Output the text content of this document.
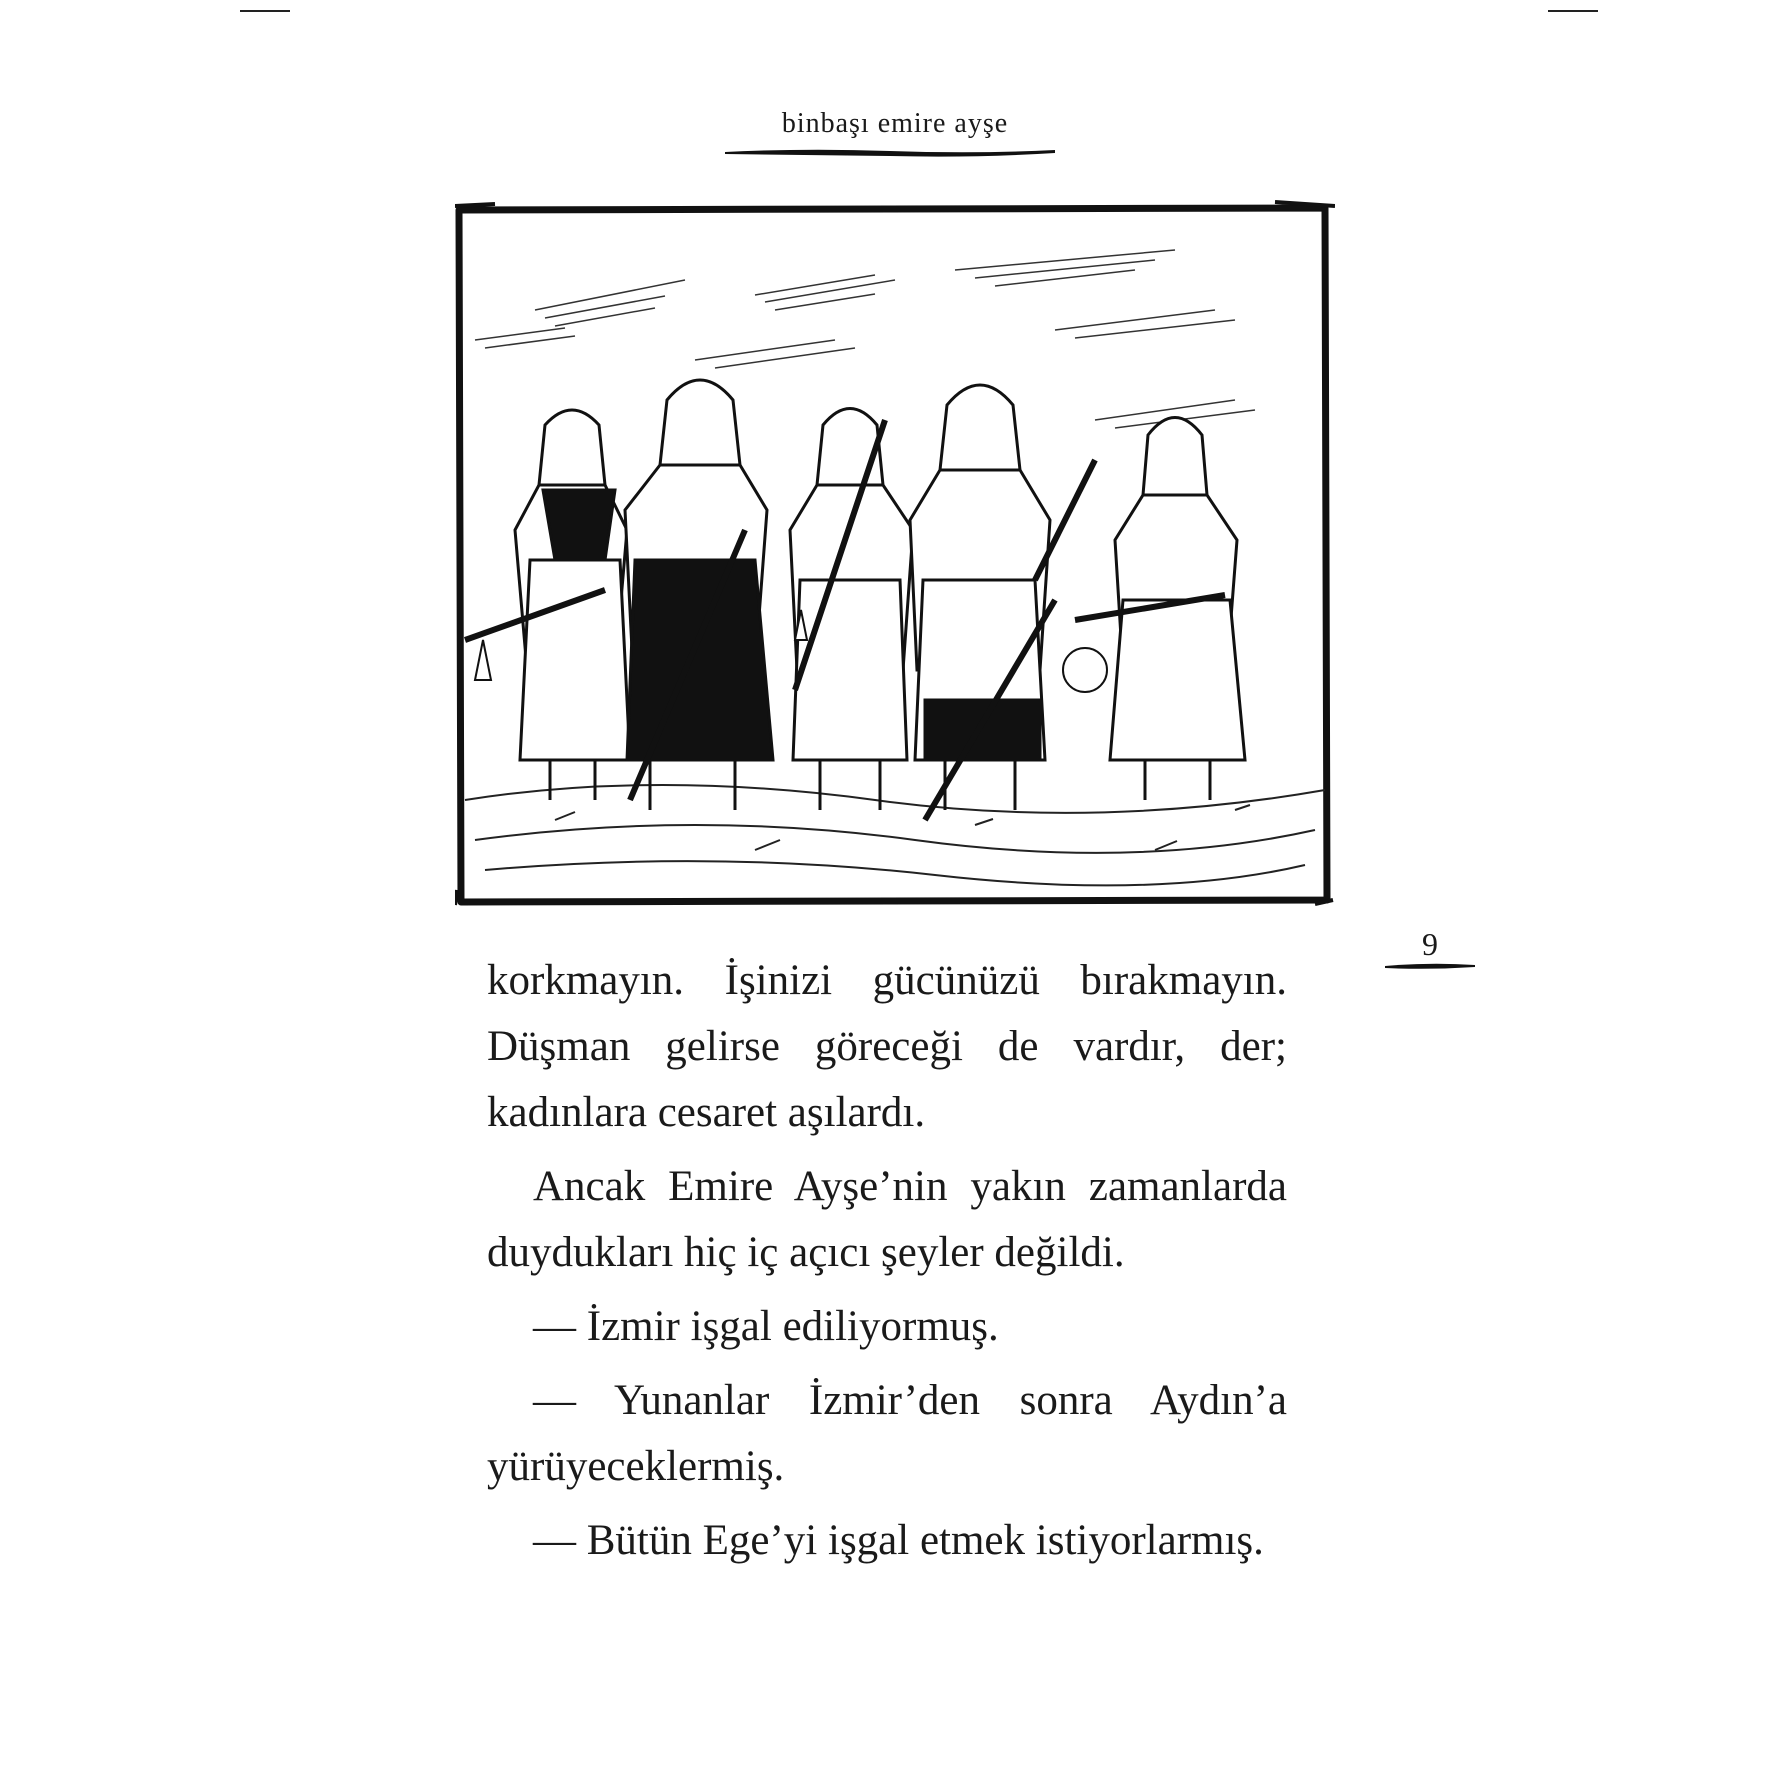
binbaşı emire ayşe
9

korkmayın. İşinizi gücünüzü bırakmayın. Düşman gelirse göreceği de vardır, der; kadınlara cesaret aşılardı.

Ancak Emire Ayşe’nin yakın zamanlarda duydukları hiç iç açıcı şeyler değildi.

— İzmir işgal ediliyormuş.

— Yunanlar İzmir’den sonra Aydın’a yürüyeceklermiş.

— Bütün Ege’yi işgal etmek istiyorlarmış.
